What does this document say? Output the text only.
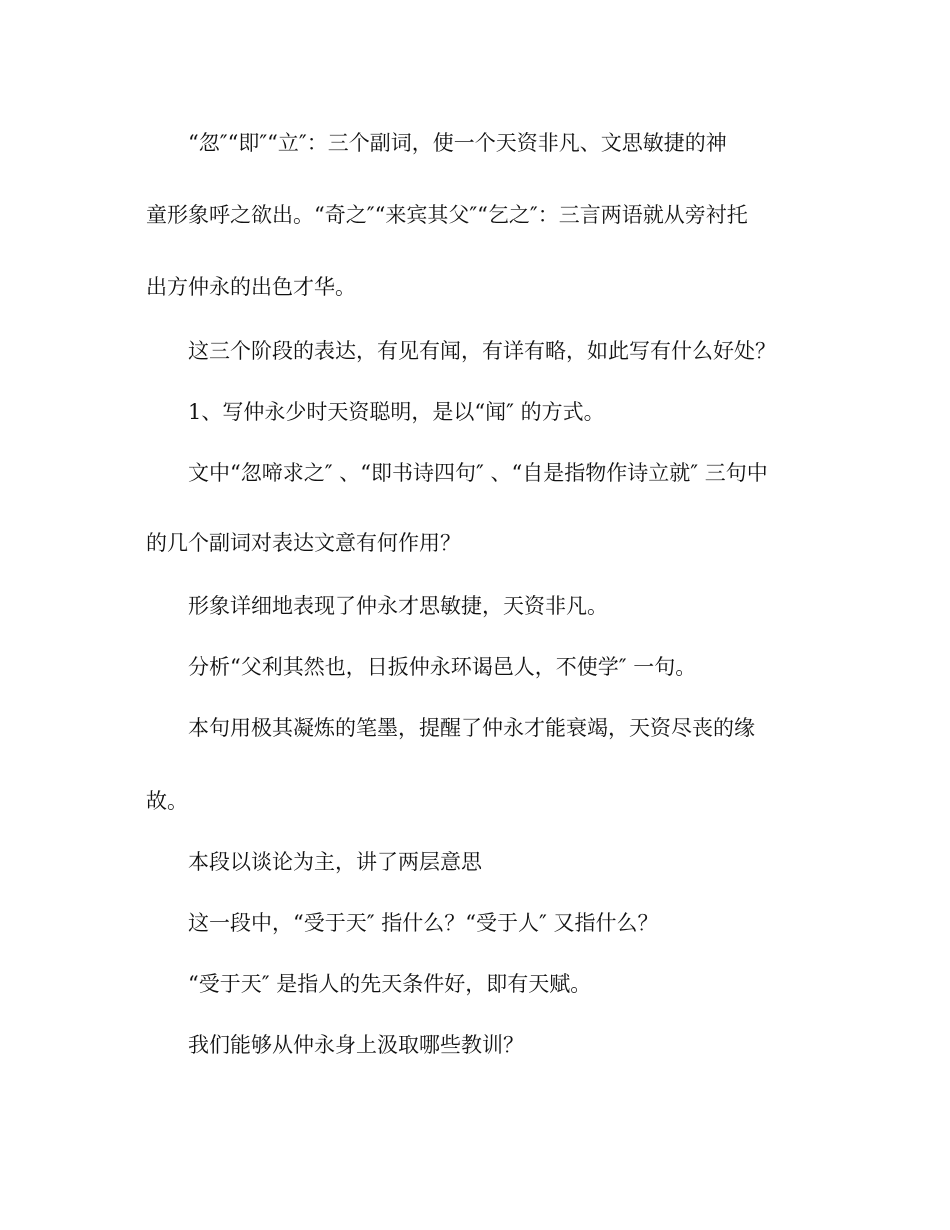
“忽″“即″“立″：三个副词，使一个天资非凡、文思敏捷的神

童形象呼之欲出。“奇之″“来宾其父″“乞之″：三言两语就从旁衬托

出方仲永的出色才华。

这三个阶段的表达，有见有闻，有详有略，如此写有什么好处？

1、写仲永少时天资聪明，是以“闻″ 的方式。

文中“忽啼求之″ 、“即书诗四句″ 、“自是指物作诗立就″ 三句中

的几个副词对表达文意有何作用？

形象详细地表现了仲永才思敏捷，天资非凡。

分析“父利其然也，日扳仲永环谒邑人，不使学″ 一句。

本句用极其凝炼的笔墨，提醒了仲永才能衰竭，天资尽丧的缘

故。

本段以谈论为主，讲了两层意思

这一段中，“受于天″ 指什么？“受于人″ 又指什么？

“受于天″ 是指人的先天条件好，即有天赋。

我们能够从仲永身上汲取哪些教训？
